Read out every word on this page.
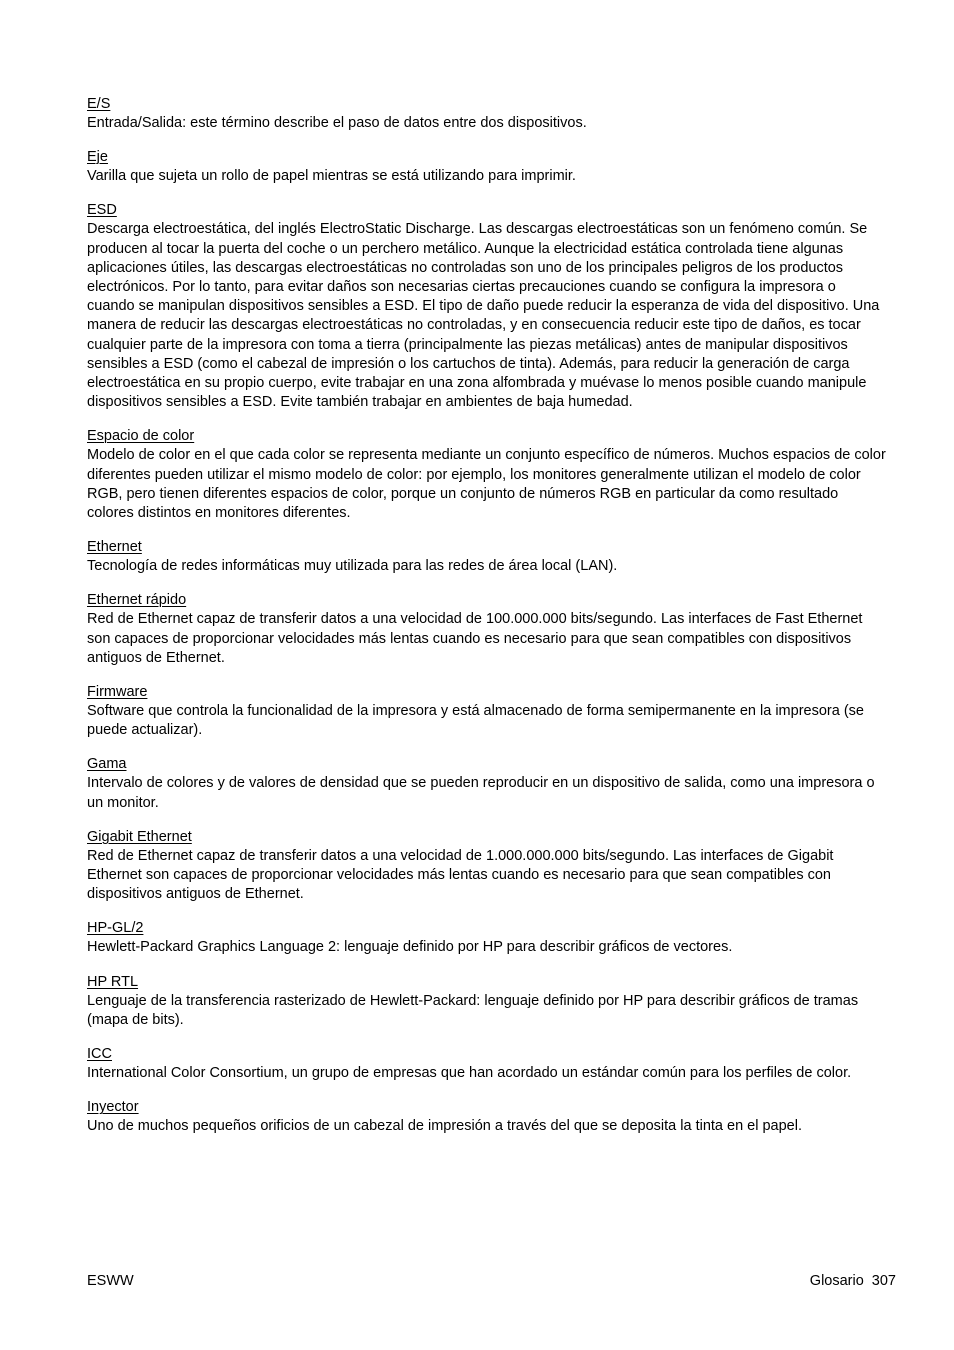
E/S

Entrada/Salida: este término describe el paso de datos entre dos dispositivos.

Eje

Varilla que sujeta un rollo de papel mientras se está utilizando para imprimir.

ESD

Descarga electroestática, del inglés ElectroStatic Discharge. Las descargas electroestáticas son un fenómeno común. Se producen al tocar la puerta del coche o un perchero metálico. Aunque la electricidad estática controlada tiene algunas aplicaciones útiles, las descargas electroestáticas no controladas son uno de los principales peligros de los productos electrónicos. Por lo tanto, para evitar daños son necesarias ciertas precauciones cuando se configura la impresora o cuando se manipulan dispositivos sensibles a ESD. El tipo de daño puede reducir la esperanza de vida del dispositivo. Una manera de reducir las descargas electroestáticas no controladas, y en consecuencia reducir este tipo de daños, es tocar cualquier parte de la impresora con toma a tierra (principalmente las piezas metálicas) antes de manipular dispositivos sensibles a ESD (como el cabezal de impresión o los cartuchos de tinta). Además, para reducir la generación de carga electroestática en su propio cuerpo, evite trabajar en una zona alfombrada y muévase lo menos posible cuando manipule dispositivos sensibles a ESD. Evite también trabajar en ambientes de baja humedad.

Espacio de color

Modelo de color en el que cada color se representa mediante un conjunto específico de números. Muchos espacios de color diferentes pueden utilizar el mismo modelo de color: por ejemplo, los monitores generalmente utilizan el modelo de color RGB, pero tienen diferentes espacios de color, porque un conjunto de números RGB en particular da como resultado colores distintos en monitores diferentes.

Ethernet

Tecnología de redes informáticas muy utilizada para las redes de área local (LAN).

Ethernet rápido

Red de Ethernet capaz de transferir datos a una velocidad de 100.000.000 bits/segundo. Las interfaces de Fast Ethernet son capaces de proporcionar velocidades más lentas cuando es necesario para que sean compatibles con dispositivos antiguos de Ethernet.

Firmware

Software que controla la funcionalidad de la impresora y está almacenado de forma semipermanente en la impresora (se puede actualizar).

Gama

Intervalo de colores y de valores de densidad que se pueden reproducir en un dispositivo de salida, como una impresora o un monitor.

Gigabit Ethernet

Red de Ethernet capaz de transferir datos a una velocidad de 1.000.000.000 bits/segundo. Las interfaces de Gigabit Ethernet son capaces de proporcionar velocidades más lentas cuando es necesario para que sean compatibles con dispositivos antiguos de Ethernet.

HP-GL/2

Hewlett-Packard Graphics Language 2: lenguaje definido por HP para describir gráficos de vectores.

HP RTL

Lenguaje de la transferencia rasterizado de Hewlett-Packard: lenguaje definido por HP para describir gráficos de tramas (mapa de bits).

ICC

International Color Consortium, un grupo de empresas que han acordado un estándar común para los perfiles de color.

Inyector

Uno de muchos pequeños orificios de un cabezal de impresión a través del que se deposita la tinta en el papel.

ESWW	Glosario 307
